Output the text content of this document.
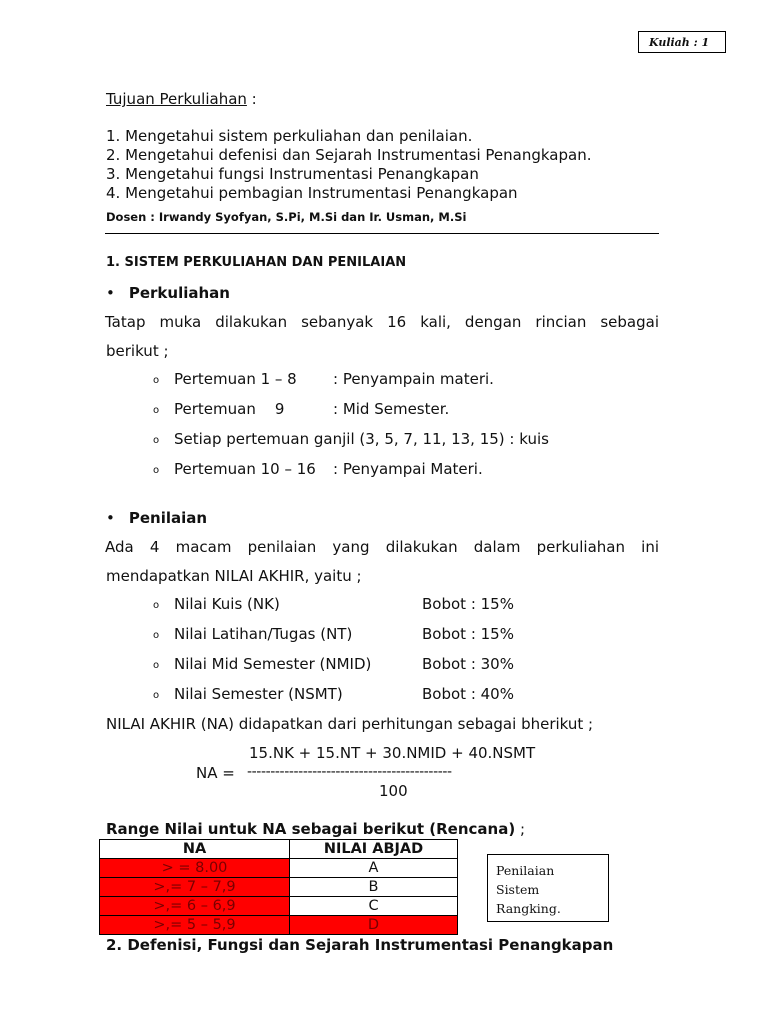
Kuliah : 1
Tujuan Perkuliahan :
1. Mengetahui sistem perkuliahan dan penilaian.
2. Mengetahui defenisi dan Sejarah Instrumentasi Penangkapan.
3. Mengetahui fungsi Instrumentasi Penangkapan
4. Mengetahui pembagian Instrumentasi Penangkapan
Dosen : Irwandy Syofyan, S.Pi, M.Si dan Ir. Usman, M.Si
1. SISTEM PERKULIAHAN DAN PENILAIAN
• Perkuliahan
Tatap muka dilakukan sebanyak 16 kali, dengan rincian sebagai
berikut ;
o Pertemuan 1 – 8 : Penyampain materi.
o Pertemuan    9	: Mid Semester.
o Setiap pertemuan ganjil (3, 5, 7, 11, 13, 15) : kuis
o Pertemuan 10 – 16 : Penyampai Materi.
• Penilaian
Ada 4 macam penilaian yang dilakukan dalam perkuliahan ini
mendapatkan NILAI AKHIR, yaitu ;
o Nilai Kuis (NK)	Bobot : 15%
o Nilai Latihan/Tugas (NT)	Bobot : 15%
o Nilai Mid Semester (NMID)	Bobot : 30%
o Nilai Semester (NSMT)	Bobot : 40%
NILAI AKHIR (NA) didapatkan dari perhitungan sebagai bherikut ;
15.NK + 15.NT + 30.NMID + 40.NSMT
NA = --------------------------------------------
100
Range Nilai untuk NA sebagai berikut (Rencana) ;
NA	NILAI ABJAD
> = 8.00	A
>,= 7 – 7,9	B
>,= 6 – 6,9	C
>,= 5 – 5,9	D
Penilaian Sistem Rangking.
2. Defenisi, Fungsi dan Sejarah Instrumentasi Penangkapan
